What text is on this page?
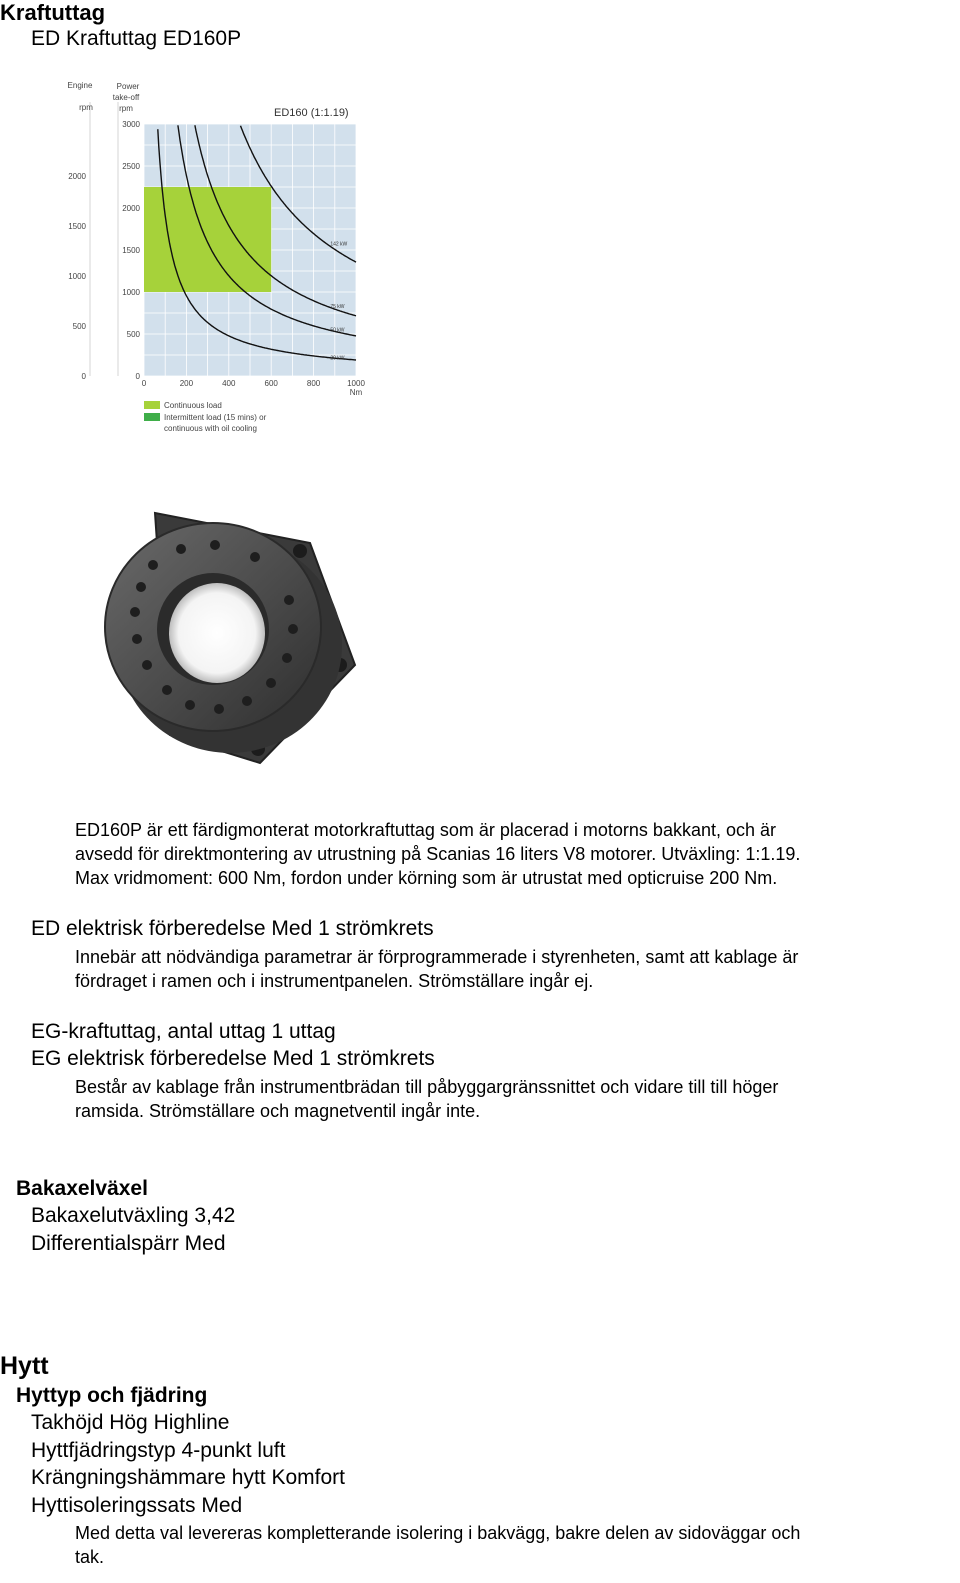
Kraftuttag
ED Kraftuttag ED160P
20 kW
50 kW
75 kW
142 kW
ED160 (1:1.19)
0	200	400	600	800	1000
Nm
0
500
1000
1500
2000
2500
3000
0
500
1000
1500
2000
Engine
rpm
Power
take-off
rpm
Continuous load
Intermittent load (15 mins) or
continuous with oil cooling
ED160P är ett färdigmonterat motorkraftuttag som är placerad i motorns bakkant, och är
avsedd för direktmontering av utrustning på Scanias 16 liters V8 motorer. Utväxling: 1:1.19.
Max vridmoment: 600 Nm, fordon under körning som är utrustat med opticruise 200 Nm.
ED elektrisk förberedelse Med 1 strömkrets
Innebär att nödvändiga parametrar är förprogrammerade i styrenheten, samt att kablage är
fördraget i ramen och i instrumentpanelen. Strömställare ingår ej.
EG-kraftuttag, antal uttag 1 uttag
EG elektrisk förberedelse Med 1 strömkrets
Består av kablage från instrumentbrädan till påbyggargränssnittet och vidare till till höger
ramsida. Strömställare och magnetventil ingår inte.
Bakaxelväxel
Bakaxelutväxling 3,42
Differentialspärr Med
Hytt
Hyttyp och fjädring
Takhöjd Hög Highline
Hyttfjädringstyp 4-punkt luft
Krängningshämmare hytt Komfort
Hyttisoleringssats Med
Med detta val levereras kompletterande isolering i bakvägg, bakre delen av sidoväggar och
tak.
